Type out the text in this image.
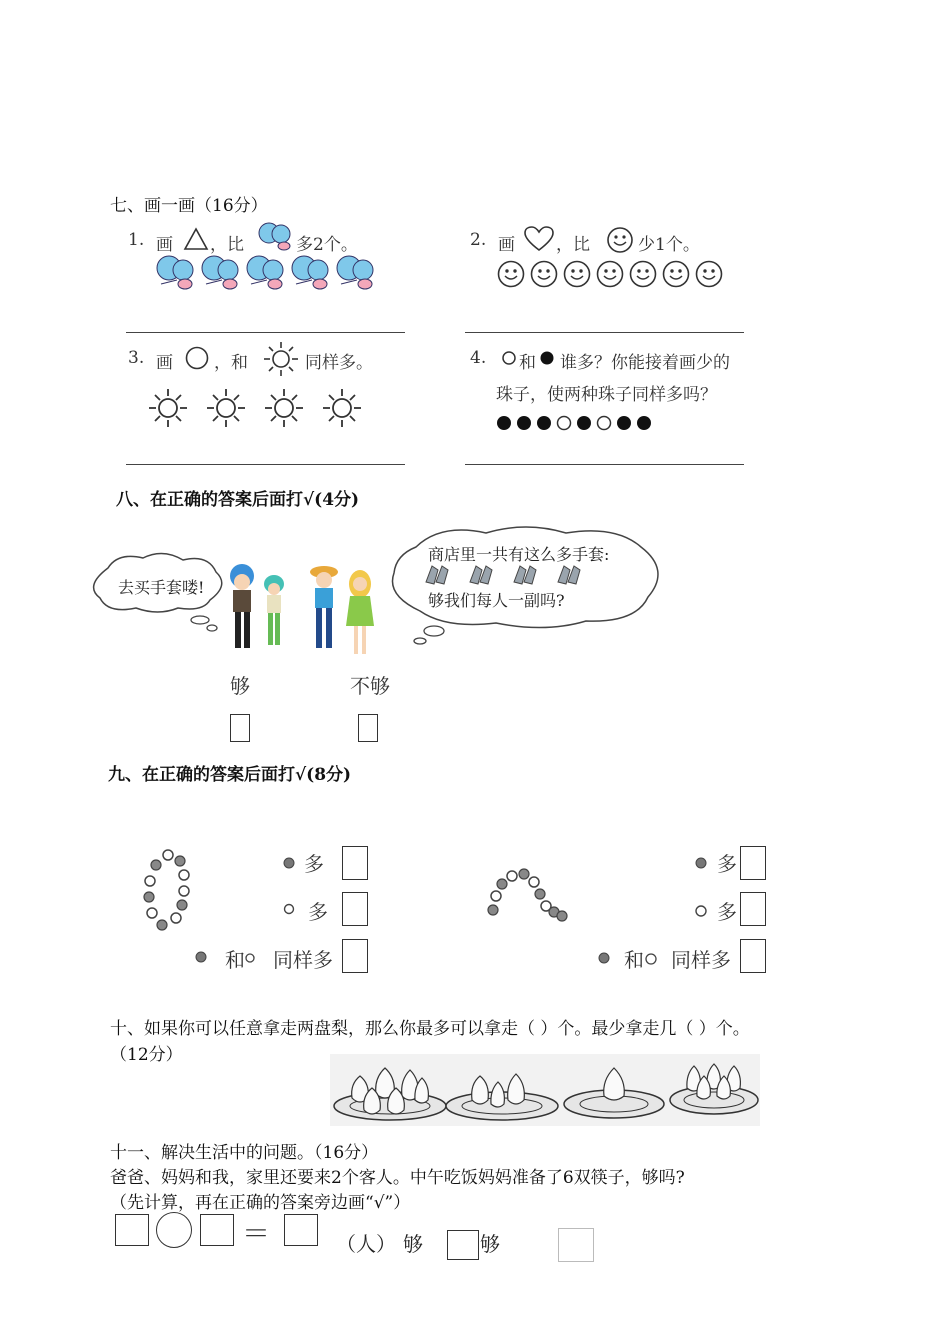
七、画一画（16分）
1. 画 ，比	多2个。	2. 画 ，比	少1个。
3. 画 ，和	同样多。	4. 和 谁多？你能接着画少的
珠子，使两种珠子同样多吗？
八、在正确的答案后面打√(4分)
去买手套喽!
商店里一共有这么多手套:
够我们每人一副吗?
够	不够
九、在正确的答案后面打√(8分)
多
多
和 同样多
多
多
和 同样多
十、如果你可以任意拿走两盘梨，那么你最多可以拿走（ ）个。最少拿走几（ ）个。
（12分）
十一、解决生活中的问题。（16分）
爸爸、妈妈和我，家里还要来2个客人。中午吃饭妈妈准备了6双筷子，够吗?
（先计算，再在正确的答案旁边画“√”）
＝	（人） 够	够
